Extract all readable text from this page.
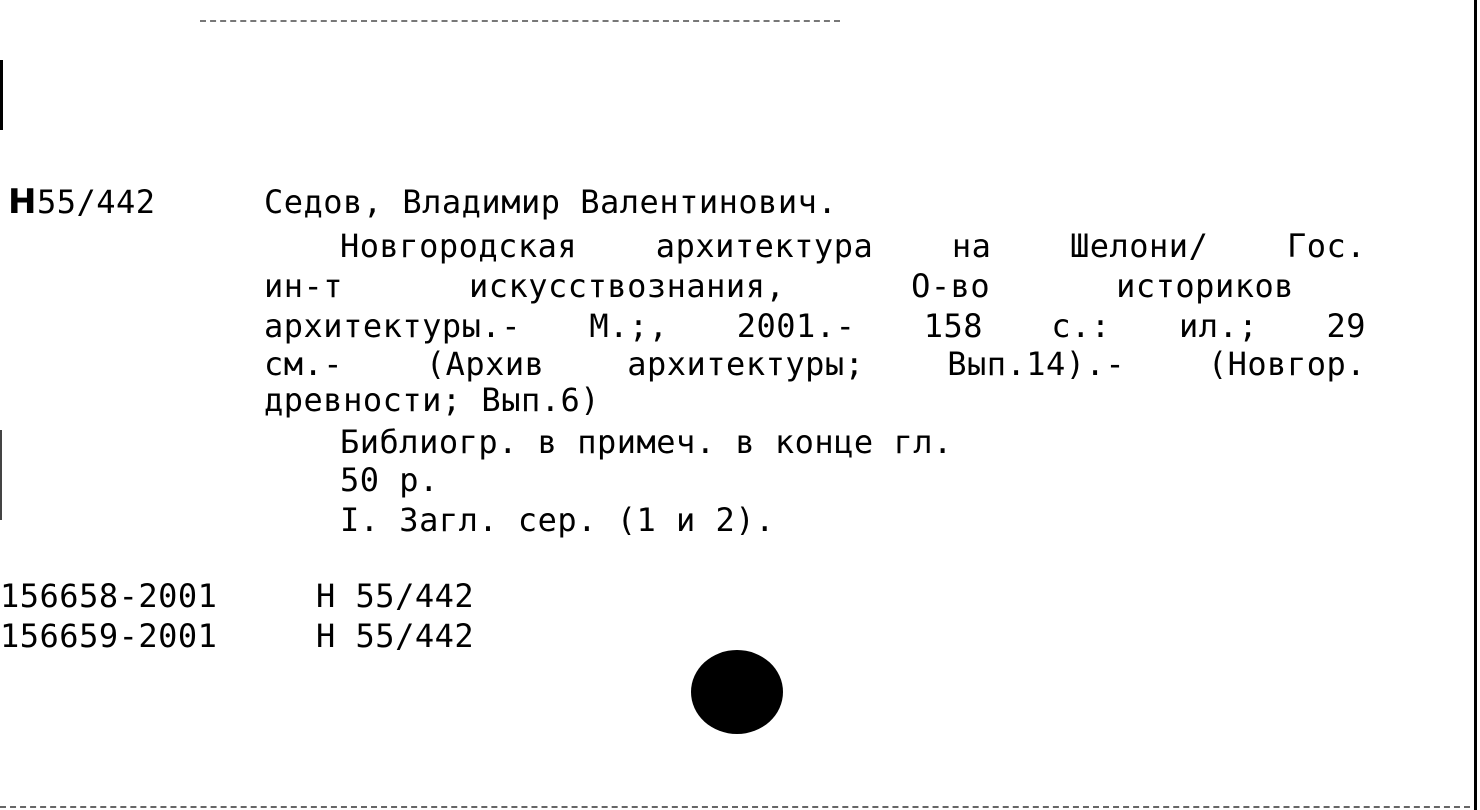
Н55/442	Седов, Владимир Валентинович.
Новгородская архитектура на Шелони/ Гос.
ин-т искусствознания, О-во историков
архитектуры.- М.;, 2001.- 158 с.: ил.; 29
см.- (Архив архитектуры; Вып.14).- (Новгор.
древности; Вып.6)
Библиогр. в примеч. в конце гл.
50 р.
I. Загл. сер. (1 и 2).
156658-2001	Н 55/442
156659-2001	Н 55/442
